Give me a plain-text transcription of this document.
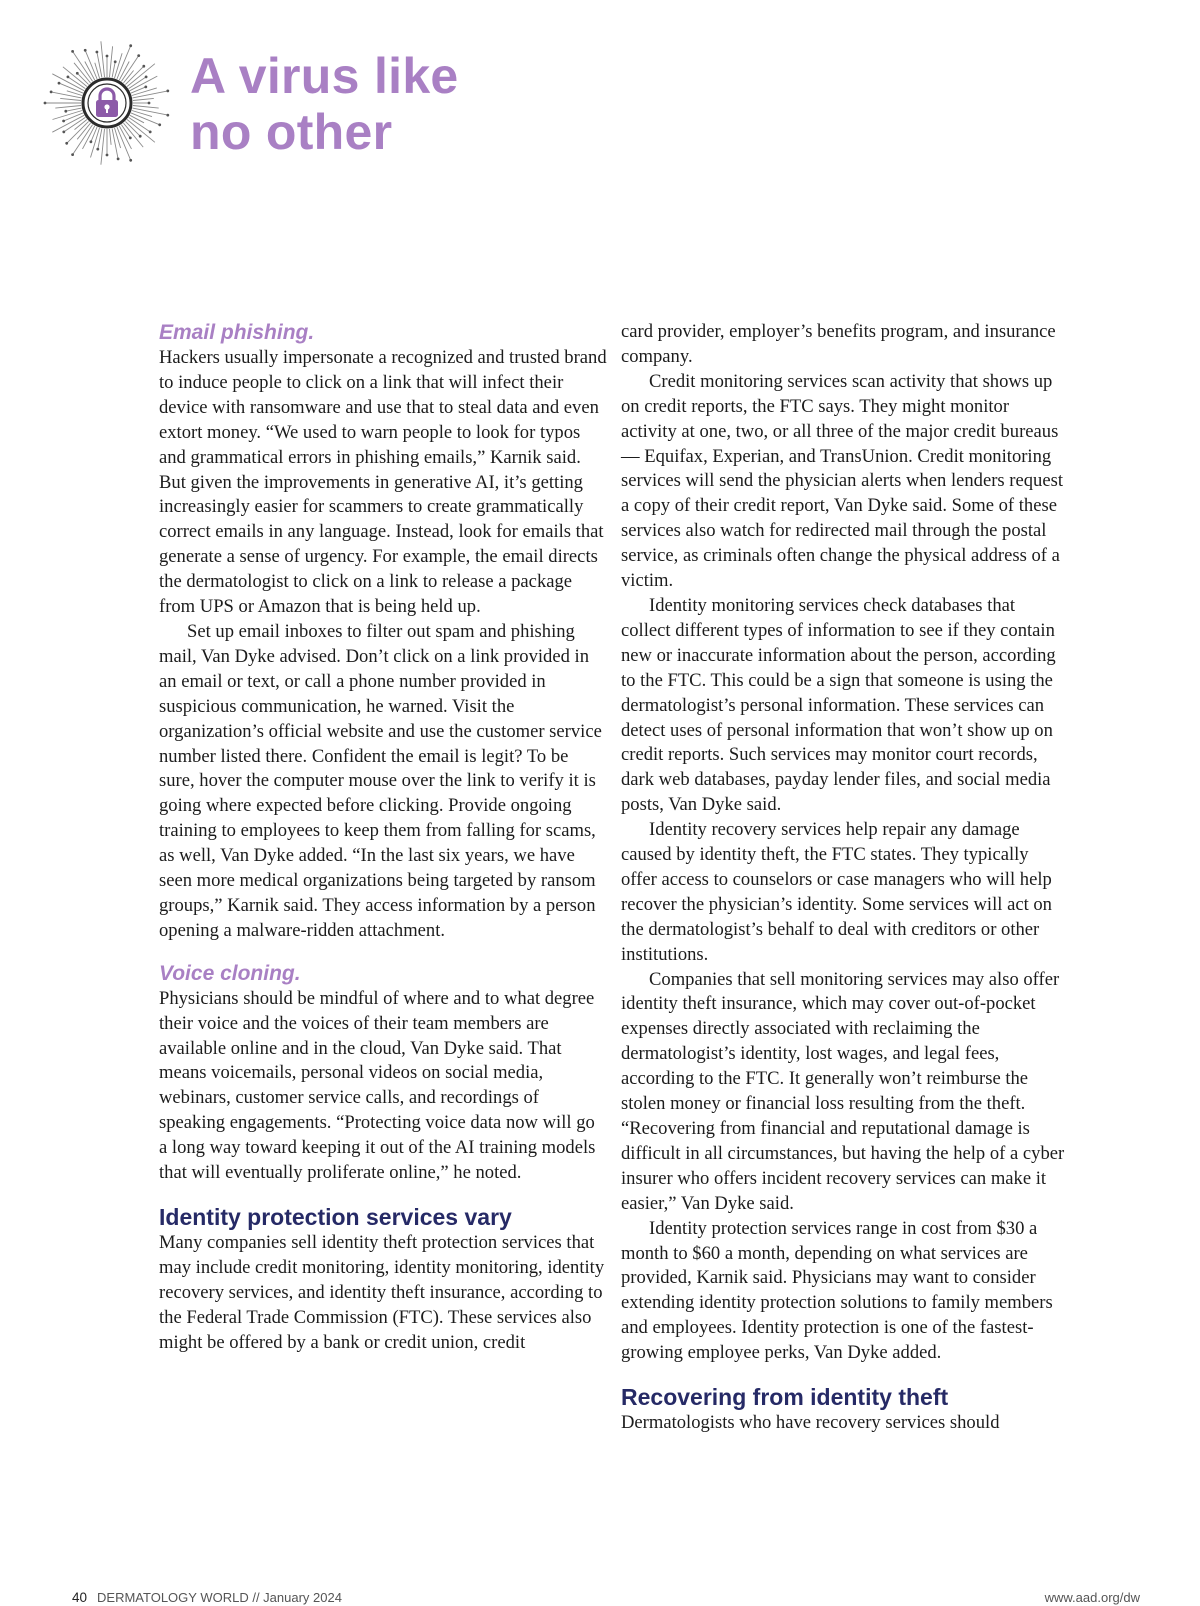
A virus like
no other
Email phishing.

Hackers usually impersonate a recognized and trusted brand to induce people to click on a link that will infect their device with ransomware and use that to steal data and even extort money. “We used to warn people to look for typos and grammatical errors in phishing emails,” Karnik said. But given the improvements in generative AI, it’s getting increasingly easier for scammers to create grammatically correct emails in any language. Instead, look for emails that generate a sense of urgency. For example, the email directs the dermatologist to click on a link to release a package from UPS or Amazon that is being held up.

Set up email inboxes to filter out spam and phishing mail, Van Dyke advised. Don’t click on a link provided in an email or text, or call a phone number provided in suspicious communication, he warned. Visit the organization’s official website and use the customer service number listed there. Confident the email is legit? To be sure, hover the computer mouse over the link to verify it is going where expected before clicking. Provide ongoing training to employees to keep them from falling for scams, as well, Van Dyke added. “In the last six years, we have seen more medical organizations being targeted by ransom groups,” Karnik said. They access information by a person opening a malware-ridden attachment.

Voice cloning.

Physicians should be mindful of where and to what degree their voice and the voices of their team members are available online and in the cloud, Van Dyke said. That means voicemails, personal videos on social media, webinars, customer service calls, and recordings of speaking engagements. “Protecting voice data now will go a long way toward keeping it out of the AI training models that will eventually proliferate online,” he noted.

Identity protection services vary

Many companies sell identity theft protection services that may include credit monitoring, identity monitoring, identity recovery services, and identity theft insurance, according to the Federal Trade Commission (FTC). These services also might be offered by a bank or credit union, credit

card provider, employer’s benefits program, and insurance company.

Credit monitoring services scan activity that shows up on credit reports, the FTC says. They might monitor activity at one, two, or all three of the major credit bureaus — Equifax, Experian, and TransUnion. Credit monitoring services will send the physician alerts when lenders request a copy of their credit report, Van Dyke said. Some of these services also watch for redirected mail through the postal service, as criminals often change the physical address of a victim.

Identity monitoring services check databases that collect different types of information to see if they contain new or inaccurate information about the person, according to the FTC. This could be a sign that someone is using the dermatologist’s personal information. These services can detect uses of personal information that won’t show up on credit reports. Such services may monitor court records, dark web databases, payday lender files, and social media posts, Van Dyke said.

Identity recovery services help repair any damage caused by identity theft, the FTC states. They typically offer access to counselors or case managers who will help recover the physician’s identity. Some services will act on the dermatologist’s behalf to deal with creditors or other institutions.

Companies that sell monitoring services may also offer identity theft insurance, which may cover out-of-pocket expenses directly associated with reclaiming the dermatologist’s identity, lost wages, and legal fees, according to the FTC. It generally won’t reimburse the stolen money or financial loss resulting from the theft. “Recovering from financial and reputational damage is difficult in all circumstances, but having the help of a cyber insurer who offers incident recovery services can make it easier,” Van Dyke said.

Identity protection services range in cost from $30 a month to $60 a month, depending on what services are provided, Karnik said. Physicians may want to consider extending identity protection solutions to family members and employees. Identity protection is one of the fastest-growing employee perks, Van Dyke added.

Recovering from identity theft

Dermatologists who have recovery services should

40 DERMATOLOGY WORLD // January 2024	www.aad.org/dw
